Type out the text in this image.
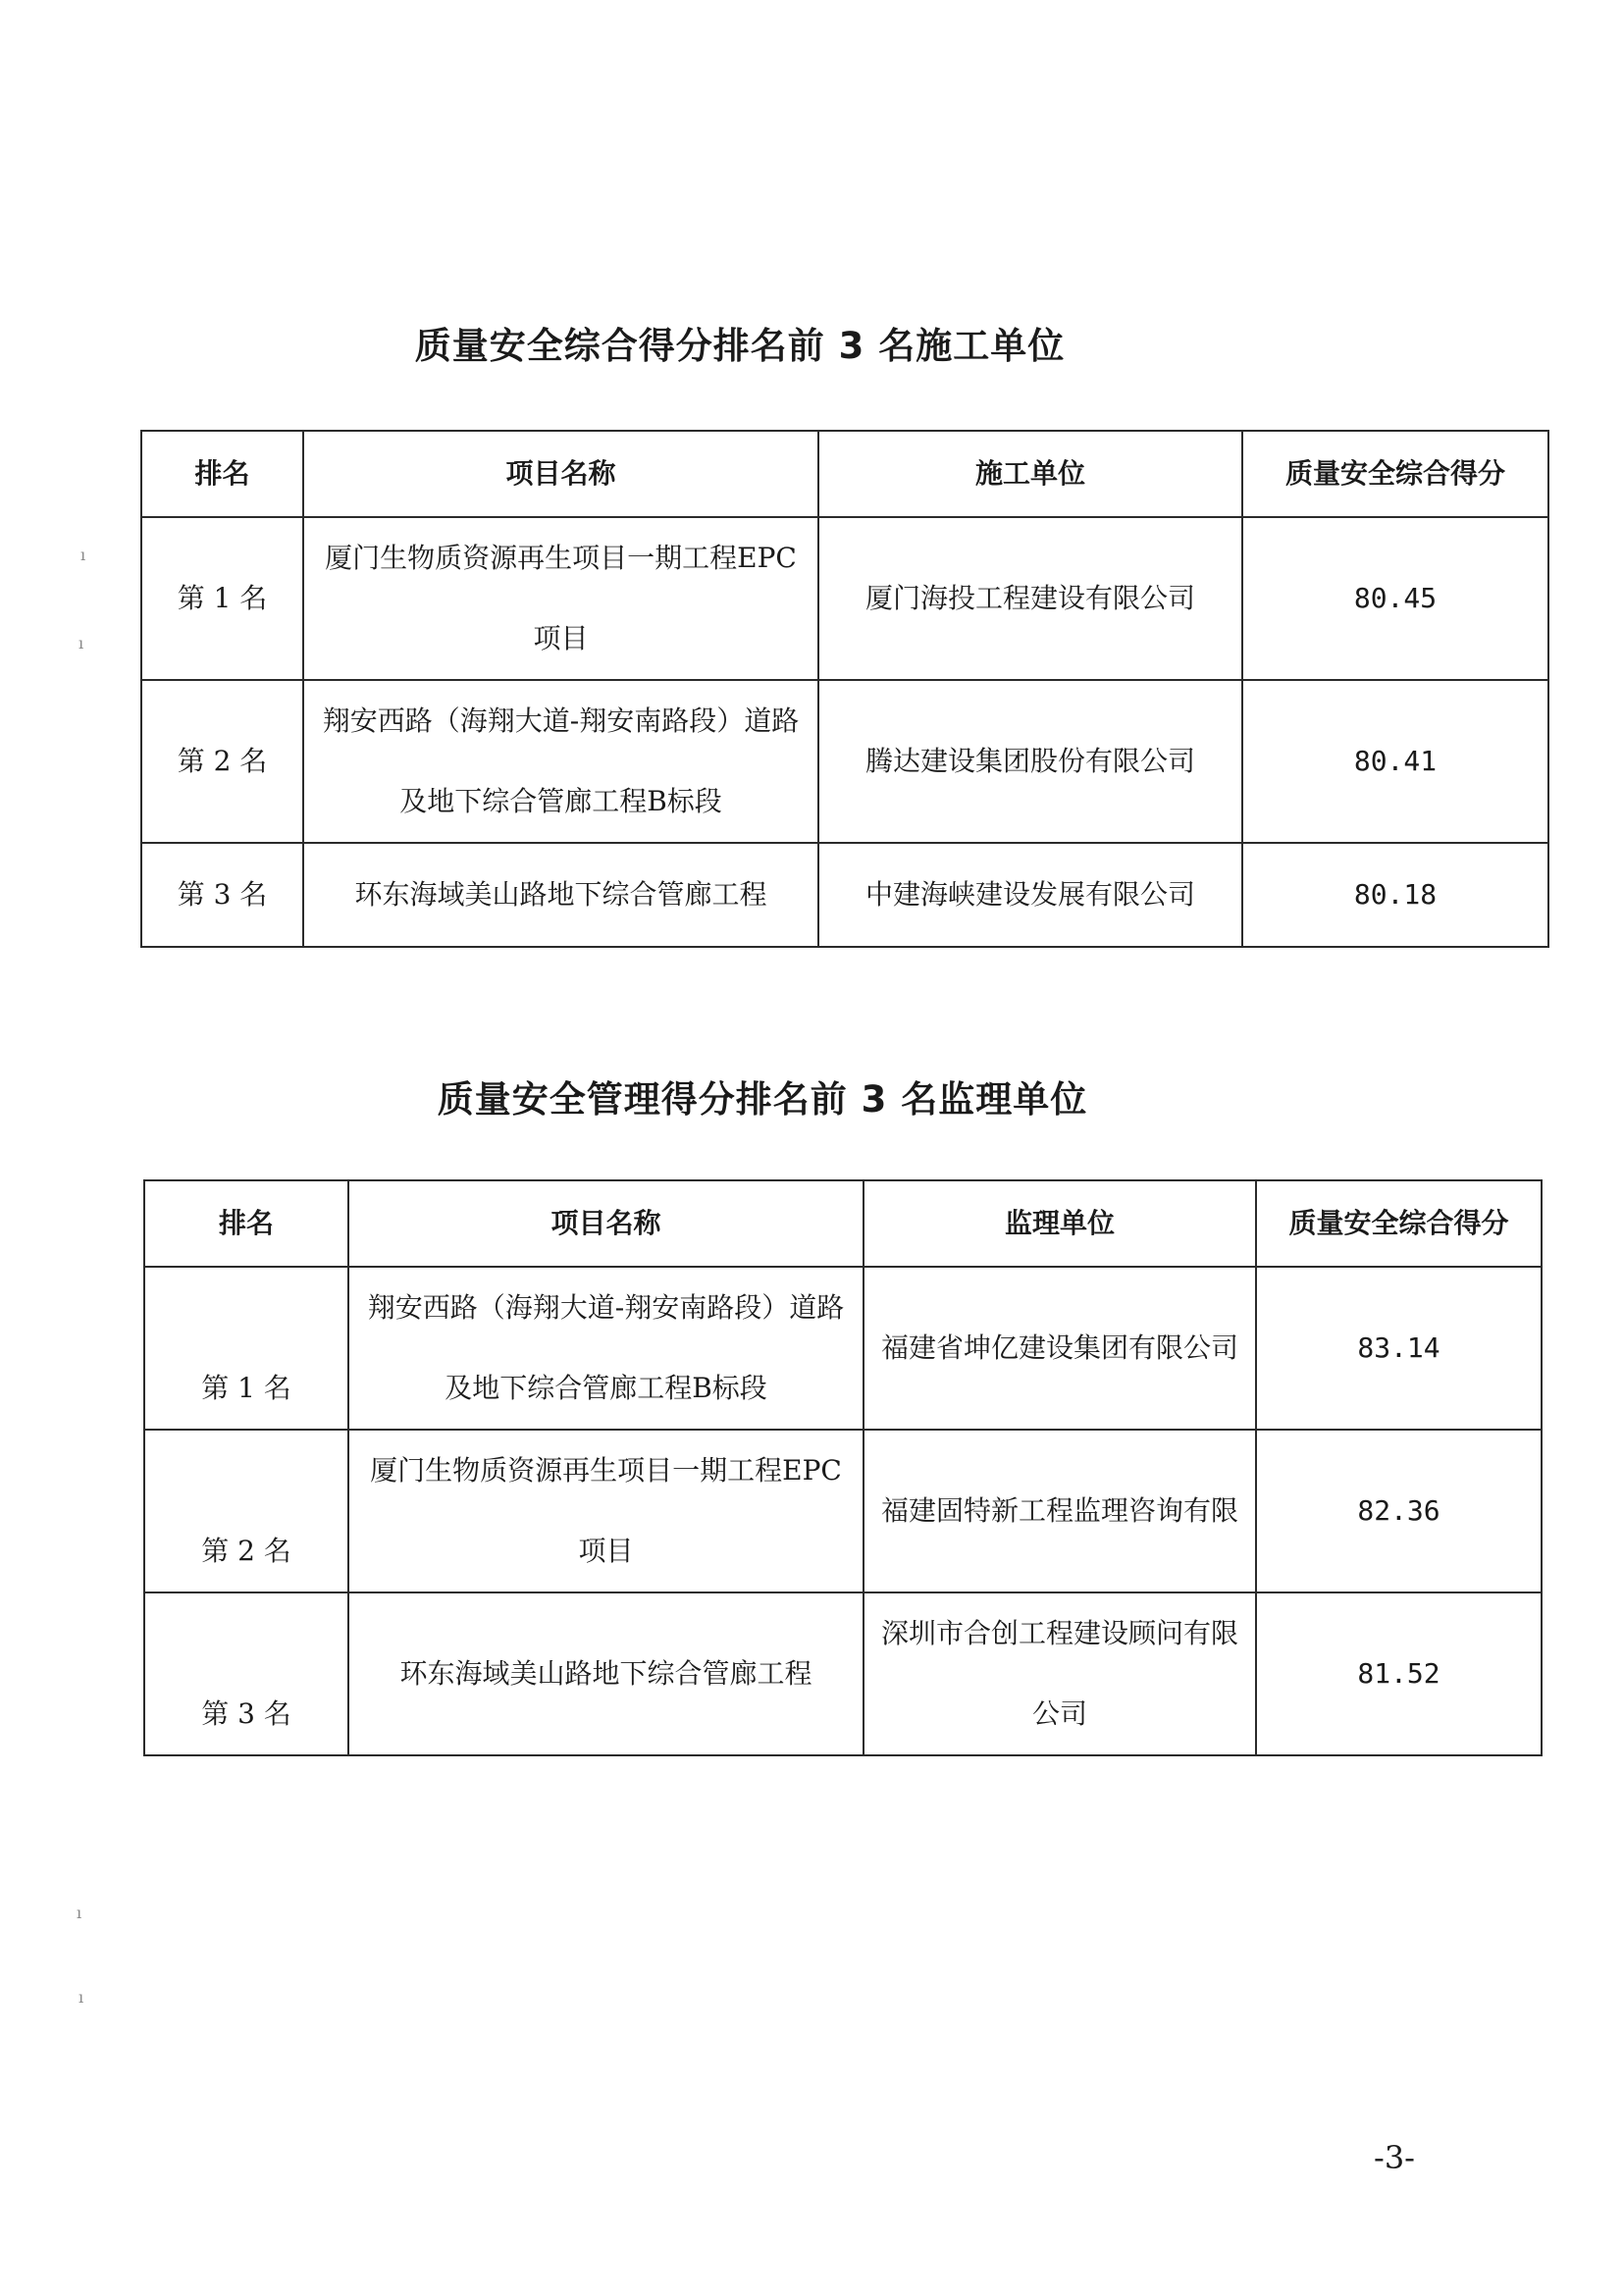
质量安全综合得分排名前 3 名施工单位
排名	项目名称	施工单位	质量安全综合得分
第 1 名	厦门生物质资源再生项目一期工程EPC项目	厦门海投工程建设有限公司	80.45
第 2 名	翔安西路（海翔大道-翔安南路段）道路及地下综合管廊工程B标段	腾达建设集团股份有限公司	80.41
第 3 名	环东海域美山路地下综合管廊工程	中建海峡建设发展有限公司	80.18
质量安全管理得分排名前 3 名监理单位
排名	项目名称	监理单位	质量安全综合得分
第 1 名	翔安西路（海翔大道-翔安南路段）道路及地下综合管廊工程B标段	福建省坤亿建设集团有限公司	83.14
第 2 名	厦门生物质资源再生项目一期工程EPC项目	福建固特新工程监理咨询有限	82.36
第 3 名	环东海域美山路地下综合管廊工程	深圳市合创工程建设顾问有限公司	81.52
-3-
ı
ı
ı
ı
